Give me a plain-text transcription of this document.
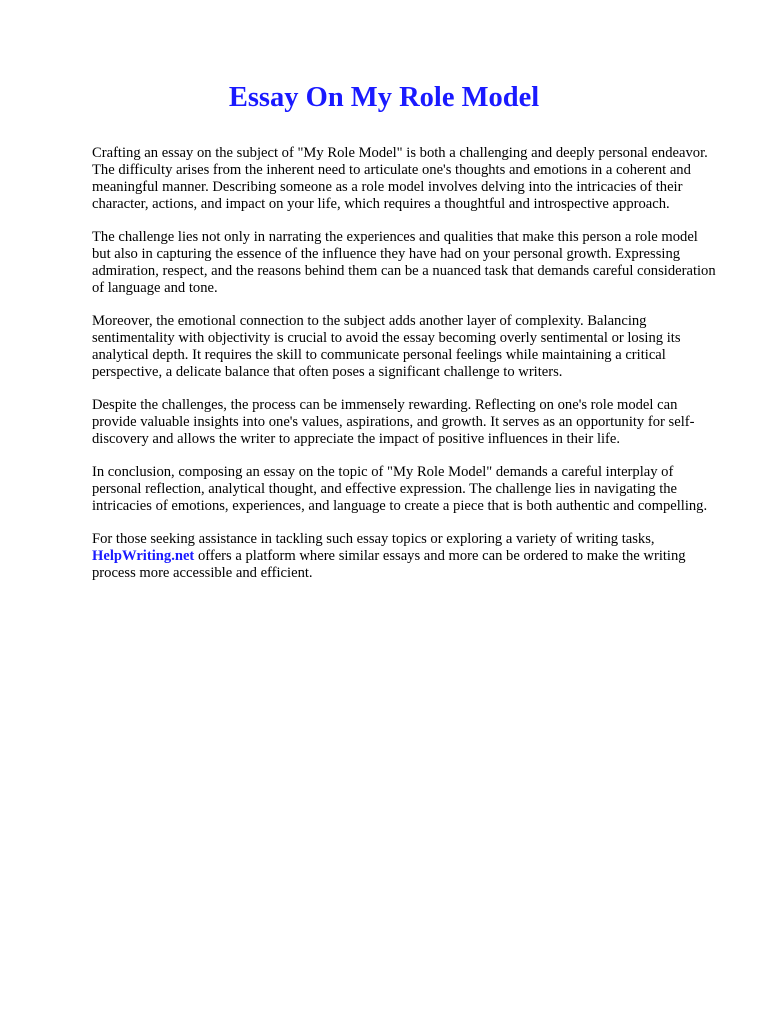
Essay On My Role Model

Crafting an essay on the subject of "My Role Model" is both a challenging and deeply personal endeavor. The difficulty arises from the inherent need to articulate one's thoughts and emotions in a coherent and meaningful manner. Describing someone as a role model involves delving into the intricacies of their character, actions, and impact on your life, which requires a thoughtful and introspective approach.

The challenge lies not only in narrating the experiences and qualities that make this person a role model but also in capturing the essence of the influence they have had on your personal growth. Expressing admiration, respect, and the reasons behind them can be a nuanced task that demands careful consideration of language and tone.

Moreover, the emotional connection to the subject adds another layer of complexity. Balancing sentimentality with objectivity is crucial to avoid the essay becoming overly sentimental or losing its analytical depth. It requires the skill to communicate personal feelings while maintaining a critical perspective, a delicate balance that often poses a significant challenge to writers.

Despite the challenges, the process can be immensely rewarding. Reflecting on one's role model can provide valuable insights into one's values, aspirations, and growth. It serves as an opportunity for self-discovery and allows the writer to appreciate the impact of positive influences in their life.

In conclusion, composing an essay on the topic of "My Role Model" demands a careful interplay of personal reflection, analytical thought, and effective expression. The challenge lies in navigating the intricacies of emotions, experiences, and language to create a piece that is both authentic and compelling.

For those seeking assistance in tackling such essay topics or exploring a variety of writing tasks, HelpWriting.net offers a platform where similar essays and more can be ordered to make the writing process more accessible and efficient.
